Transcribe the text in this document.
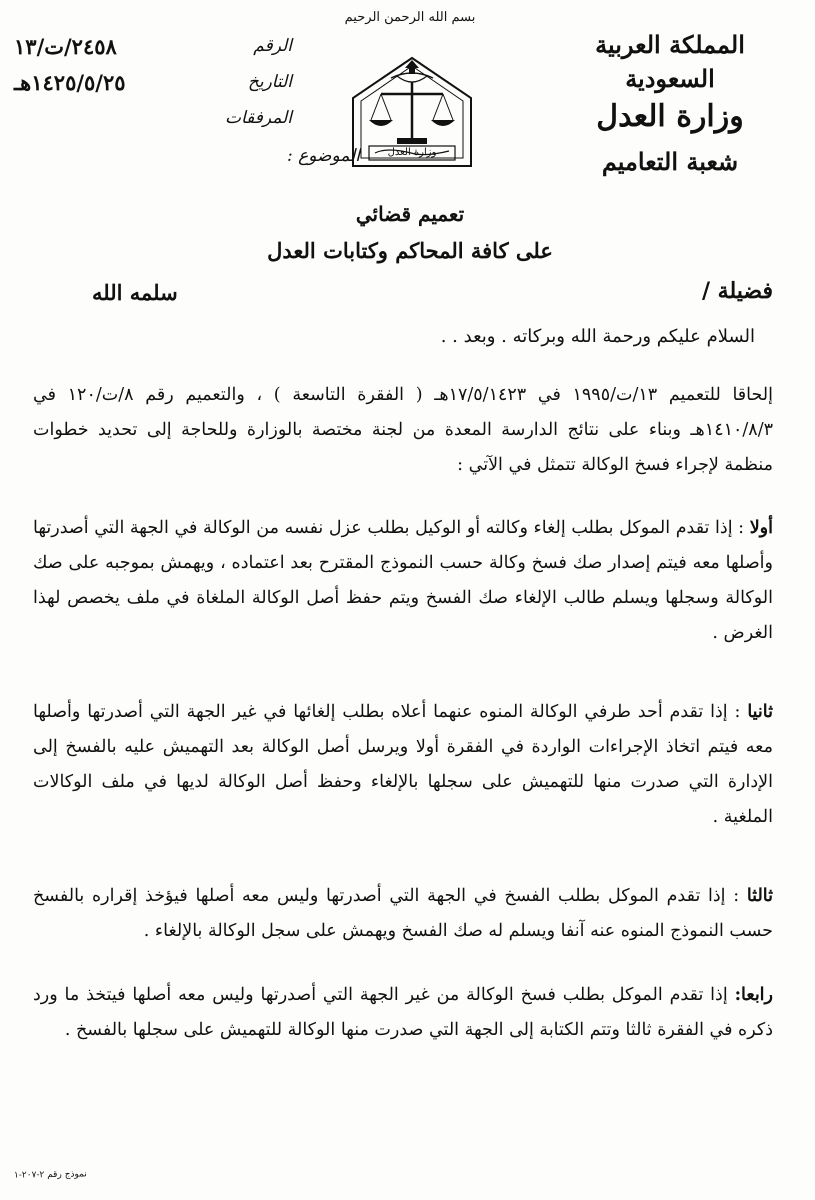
بسم الله الرحمن الرحيم
المملكة العربية السعودية
وزارة العدل
شعبة التعاميم
وزارة العدل
الرقم
٢٤٥٨/ت/١٣
التاريخ
١٤٢٥/٥/٢٥هـ
المرفقات
الموضوع :
تعميم قضائي
على كافة المحاكم وكتابات العدل
فضيلة /
سلمه الله
السلام عليكم ورحمة الله وبركاته . وبعد . .
إلحاقا للتعميم ١٣/ت/١٩٩٥ في ١٧/٥/١٤٢٣هـ ( الفقرة التاسعة ) ، والتعميم رقم ٨/ت/١٢٠ في ١٤١٠/٨/٣هـ وبناء على نتائج الدارسة المعدة من لجنة مختصة بالوزارة وللحاجة إلى تحديد خطوات منظمة لإجراء فسخ الوكالة تتمثل في الآتي :
أولا : إذا تقدم الموكل بطلب إلغاء وكالته أو الوكيل بطلب عزل نفسه من الوكالة في الجهة التي أصدرتها وأصلها معه فيتم إصدار صك فسخ وكالة حسب النموذج المقترح بعد اعتماده ، ويهمش بموجبه على صك الوكالة وسجلها ويسلم طالب الإلغاء صك الفسخ ويتم حفظ أصل الوكالة الملغاة في ملف يخصص لهذا الغرض .
ثانيا : إذا تقدم أحد طرفي الوكالة المنوه عنهما أعلاه بطلب إلغائها في غير الجهة التي أصدرتها وأصلها معه فيتم اتخاذ الإجراءات الواردة في الفقرة أولا ويرسل أصل الوكالة بعد التهميش عليه بالفسخ إلى الإدارة التي صدرت منها للتهميش على سجلها بالإلغاء وحفظ أصل الوكالة لديها في ملف الوكالات الملغية .
ثالثا : إذا تقدم الموكل بطلب الفسخ في الجهة التي أصدرتها وليس معه أصلها فيؤخذ إقراره بالفسخ حسب النموذج المنوه عنه آنفا ويسلم له صك الفسخ ويهمش على سجل الوكالة بالإلغاء .
رابعا: إذا تقدم الموكل بطلب فسخ الوكالة من غير الجهة التي أصدرتها وليس معه أصلها فيتخذ ما ورد ذكره في الفقرة ثالثا وتتم الكتابة إلى الجهة التي صدرت منها الوكالة للتهميش على سجلها بالفسخ .
نموذج رقم ٢-٢٠٧-١
